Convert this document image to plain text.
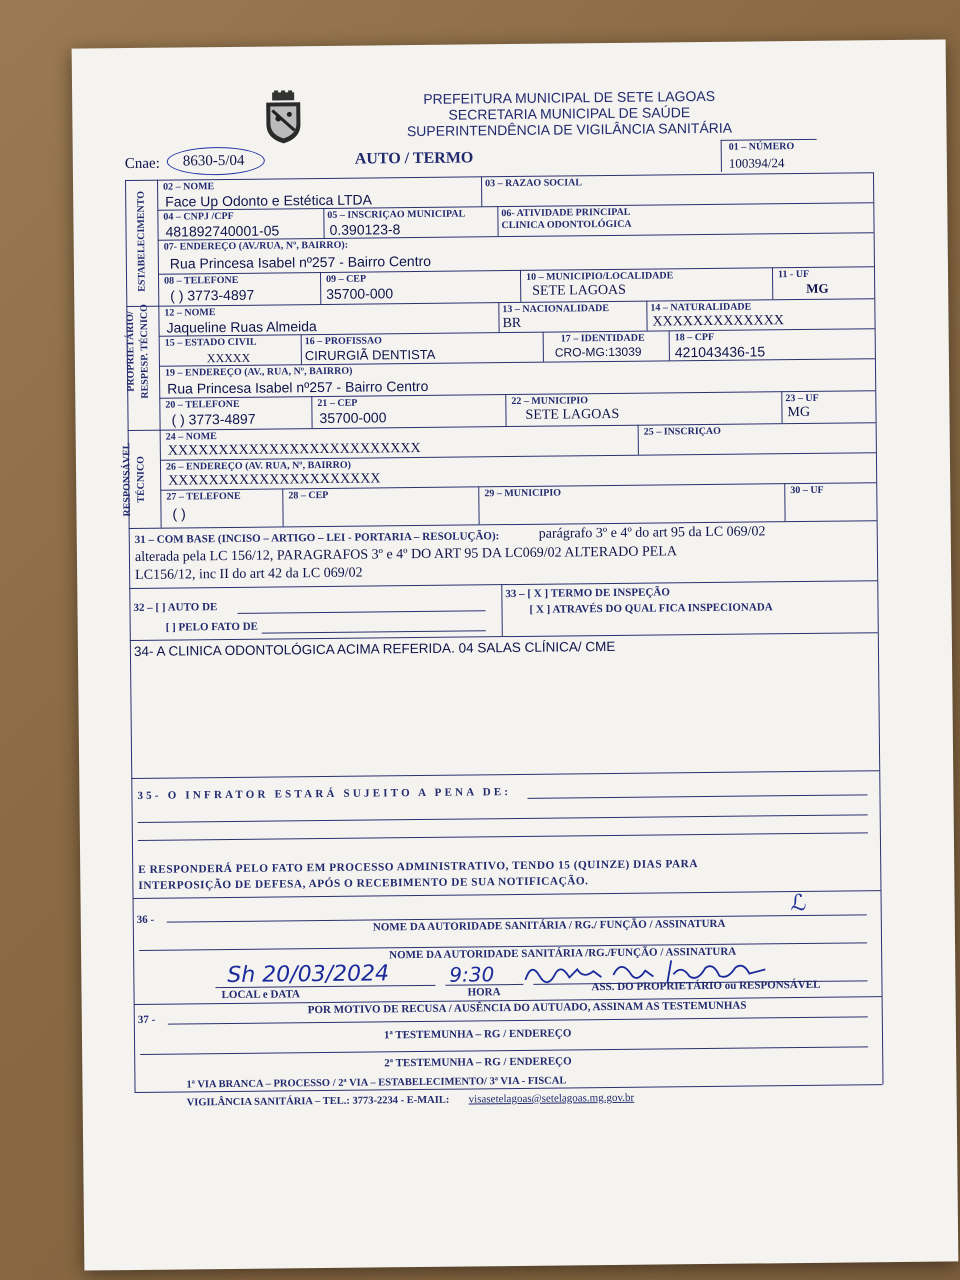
PREFEITURA MUNICIPAL DE SETE LAGOAS
SECRETARIA MUNICIPAL DE SAÚDE
SUPERINTENDÊNCIA DE VIGILÂNCIA SANITÁRIA
Cnae: 8630-5/04	AUTO / TERMO
01 – NÚMERO
100394/24
ESTABELECIMENTO
02 – NOME
Face Up Odonto e Estética LTDA
03 – RAZAO SOCIAL
04 – CNPJ /CPF
481892740001-05
05 – INSCRIÇAO MUNICIPAL
0.390123-8
06- ATIVIDADE PRINCIPAL
CLINICA ODONTOLÓGICA
07- ENDEREÇO (AV./RUA, Nº, BAIRRO):
Rua Princesa Isabel nº257 - Bairro Centro
08 – TELEFONE
( ) 3773-4897
09 – CEP
35700-000
10 – MUNICIPIO/LOCALIDADE
SETE LAGOAS
11 - UF
MG
PROPRIETÁRIO/ RESPESP. TÉCNICO 12 – NOME
Jaqueline Ruas Almeida
13 – NACIONALIDADE
BR
14 – NATURALIDADE
XXXXXXXXXXXXX
15 – ESTADO CIVIL
XXXXX
16 – PROFISSAO
CIRURGIÃ DENTISTA
17 – IDENTIDADE
CRO-MG:13039
18 – CPF
421043436-15
19 – ENDEREÇO (AV., RUA, Nº, BAIRRO)
Rua Princesa Isabel nº257 - Bairro Centro
20 – TELEFONE
( ) 3773-4897
21 – CEP
35700-000
22 – MUNICIPIO
SETE LAGOAS
23 – UF
MG
RESPONSÁVEL TÉCNICO
24 – NOME
XXXXXXXXXXXXXXXXXXXXXXXXX
25 – INSCRIÇAO
26 – ENDEREÇO (AV. RUA, Nº, BAIRRO)
XXXXXXXXXXXXXXXXXXXXX
27 – TELEFONE
( )
28 – CEP	29 – MUNICIPIO	30 – UF
31 – COM BASE (INCISO – ARTIGO – LEI - PORTARIA – RESOLUÇÃO):	parágrafo 3º e 4º do art 95 da LC 069/02
alterada pela LC 156/12, PARAGRAFOS 3º e 4º DO ART 95 DA LC069/02 ALTERADO PELA
LC156/12, inc II do art 42 da LC 069/02
32 – [ ] AUTO DE
[ ] PELO FATO DE
33 – [ X ] TERMO DE INSPEÇÃO
[ X ] ATRAVÉS DO QUAL FICA INSPECIONADA
34- A CLINICA ODONTOLÓGICA ACIMA REFERIDA. 04 SALAS CLÍNICA/ CME
35- O INFRATOR ESTARÁ SUJEITO A PENA DE:
E RESPONDERÁ PELO FATO EM PROCESSO ADMINISTRATIVO, TENDO 15 (QUINZE) DIAS PARA
INTERPOSIÇÃO DE DEFESA, APÓS O RECEBIMENTO DE SUA NOTIFICAÇÃO.
36 -	NOME DA AUTORIDADE SANITÁRIA / RG./ FUNÇÃO / ASSINATURA
NOME DA AUTORIDADE SANITÁRIA /RG./FUNÇÃO / ASSINATURA
ℒ
Sh 20/03/2024	9:30
LOCAL e DATA	HORA	ASS. DO PROPRIETÁRIO ou RESPONSÁVEL
37 -
POR MOTIVO DE RECUSA / AUSÊNCIA DO AUTUADO, ASSINAM AS TESTEMUNHAS
1ª TESTEMUNHA – RG / ENDEREÇO
2ª TESTEMUNHA – RG / ENDEREÇO
1ª VIA BRANCA – PROCESSO / 2ª VIA – ESTABELECIMENTO/ 3ª VIA - FISCAL
VIGILÂNCIA SANITÁRIA – TEL.: 3773-2234 - E-MAIL: visasetelagoas@setelagoas.mg.gov.br
